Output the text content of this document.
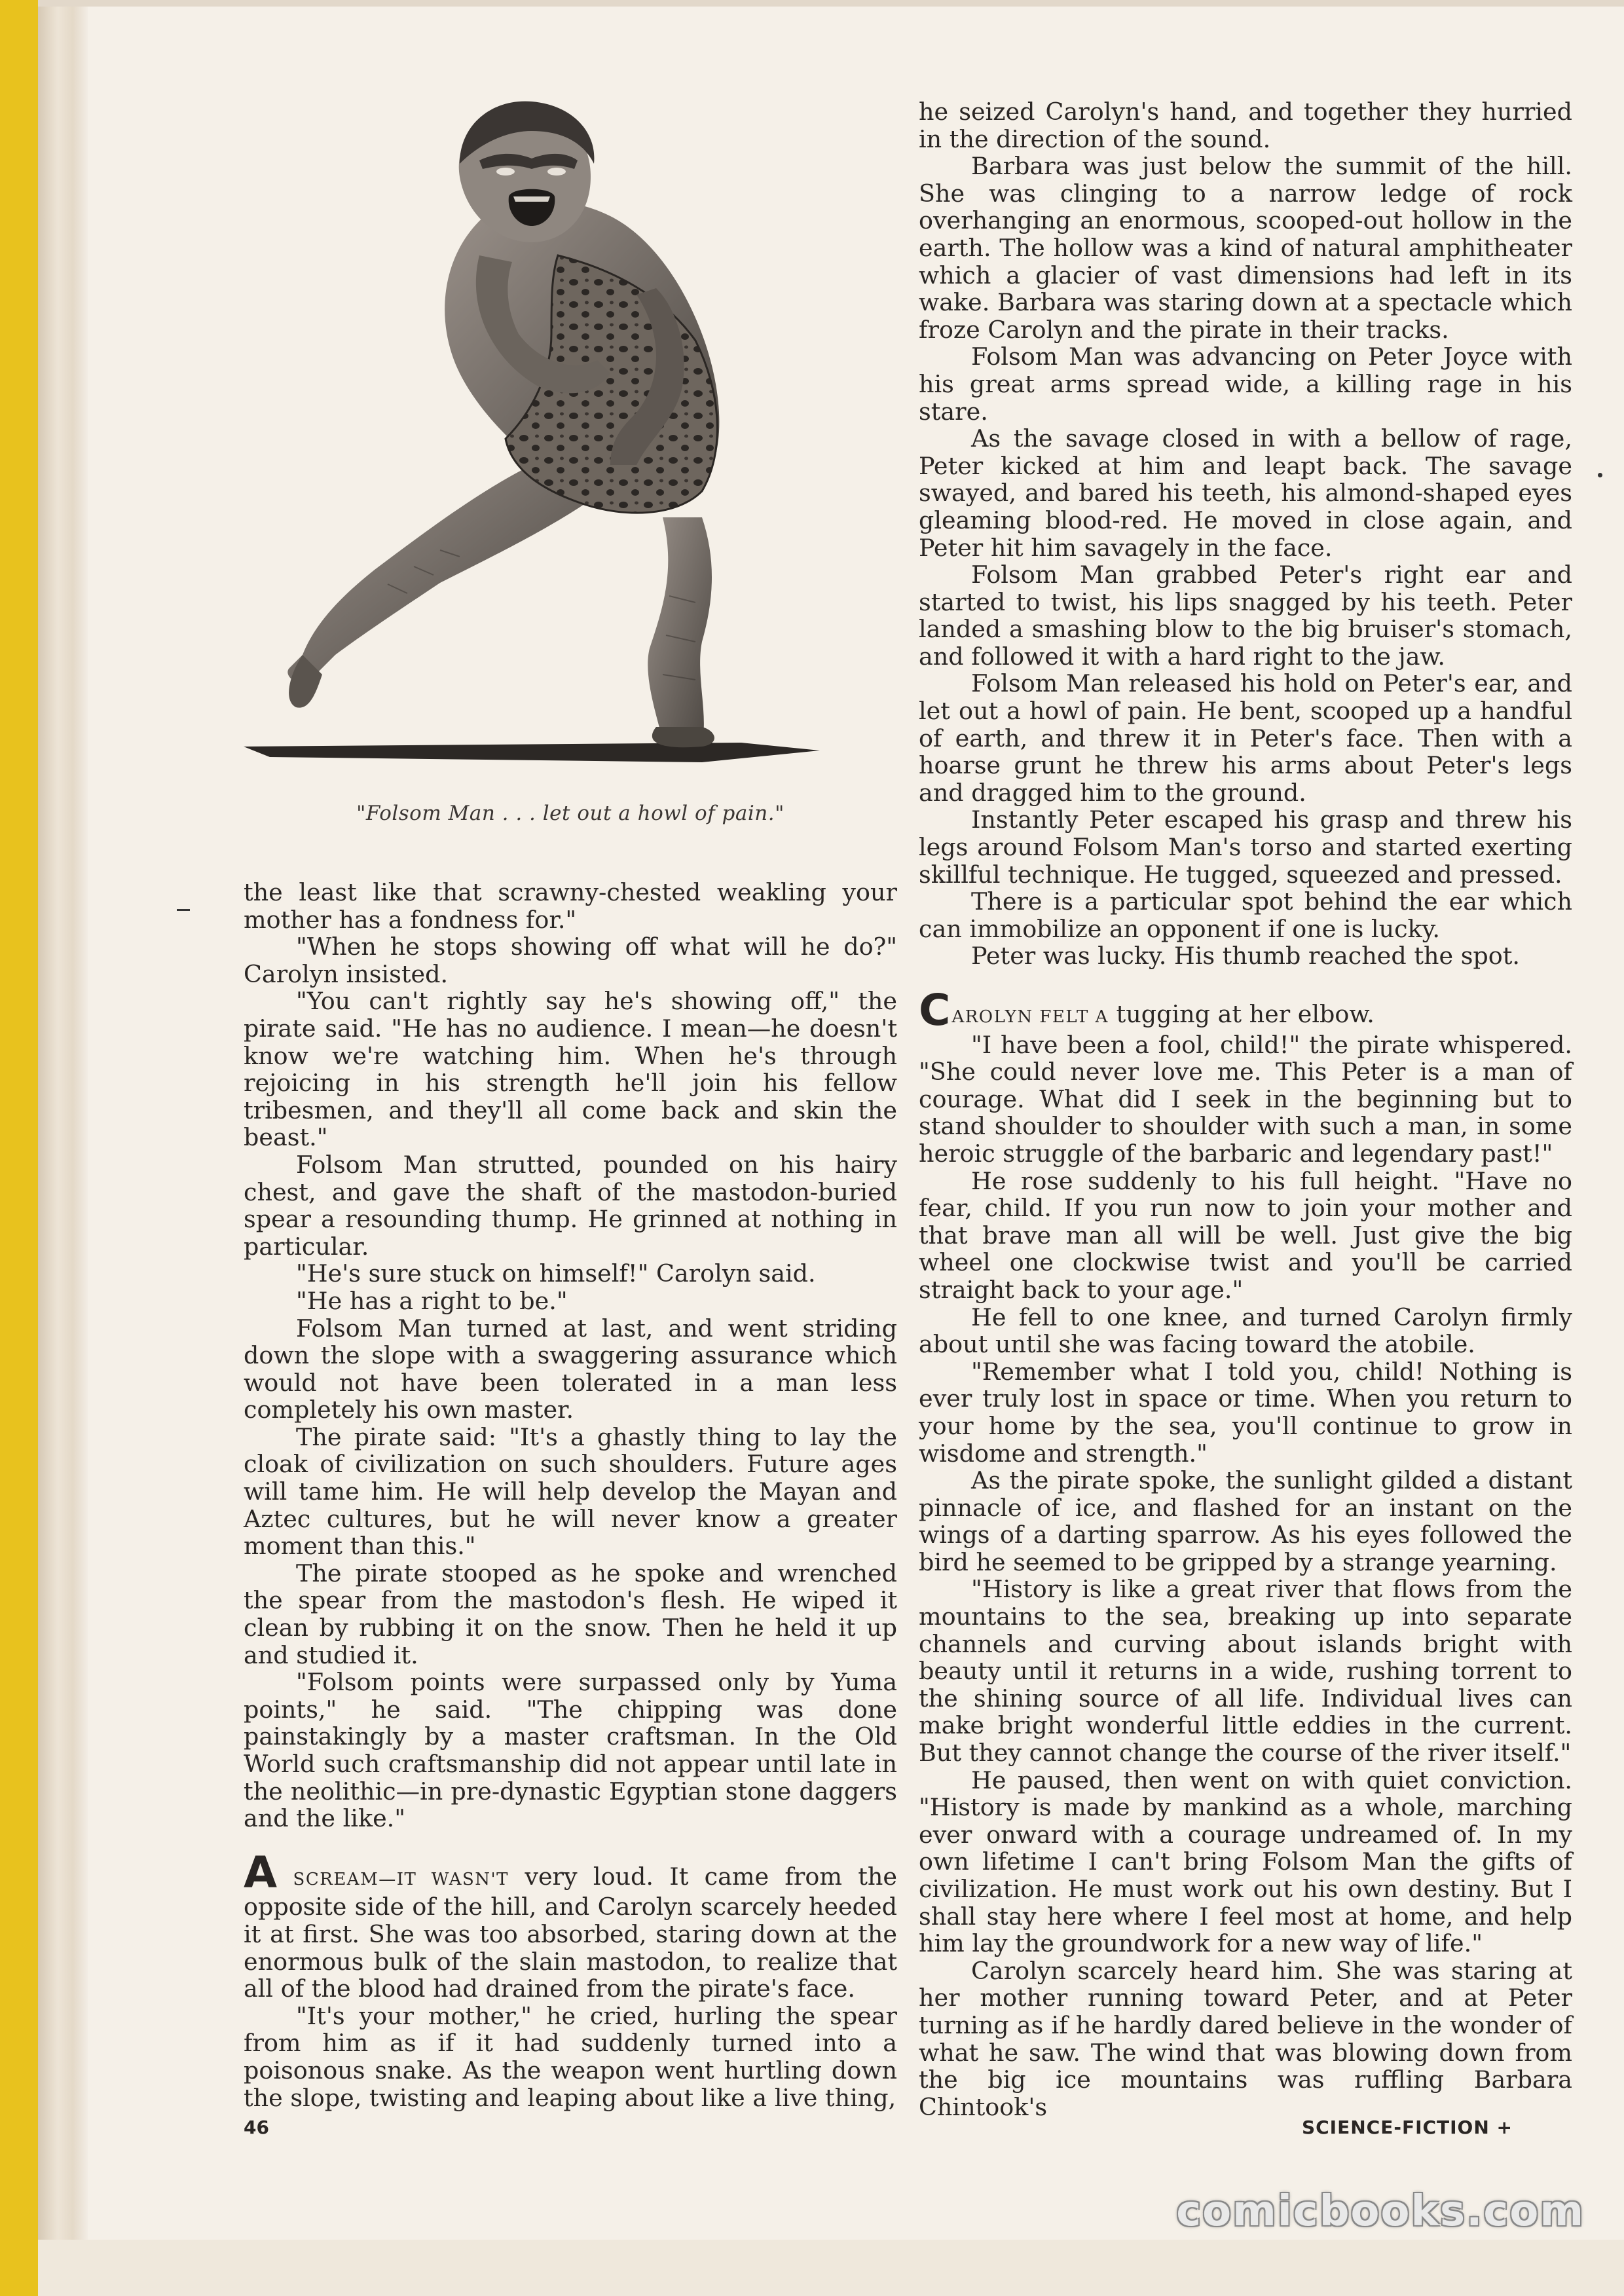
"Folsom Man . . . let out a howl of pain."

the least like that scrawny-chested weakling your mother has a fondness for."

"When he stops showing off what will he do?" Carolyn insisted.

"You can't rightly say he's showing off," the pirate said. "He has no audience. I mean—he doesn't know we're watching him. When he's through rejoicing in his strength he'll join his fellow tribesmen, and they'll all come back and skin the beast."

Folsom Man strutted, pounded on his hairy chest, and gave the shaft of the mastodon-buried spear a resounding thump. He grinned at nothing in particular.

"He's sure stuck on himself!" Carolyn said.

"He has a right to be."

Folsom Man turned at last, and went striding down the slope with a swaggering assurance which would not have been tolerated in a man less completely his own master.

The pirate said: "It's a ghastly thing to lay the cloak of civilization on such shoulders. Future ages will tame him. He will help develop the Mayan and Aztec cultures, but he will never know a greater moment than this."

The pirate stooped as he spoke and wrenched the spear from the mastodon's flesh. He wiped it clean by rubbing it on the snow. Then he held it up and studied it.

"Folsom points were surpassed only by Yuma points," he said. "The chipping was done painstakingly by a master craftsman. In the Old World such craftsmanship did not appear until late in the neolithic—in pre-dynastic Egyptian stone daggers and the like."

A SCREAM—IT WASN'T very loud. It came from the opposite side of the hill, and Carolyn scarcely heeded it at first. She was too absorbed, staring down at the enormous bulk of the slain mastodon, to realize that all of the blood had drained from the pirate's face.

"It's your mother," he cried, hurling the spear from him as if it had suddenly turned into a poisonous snake. As the weapon went hurtling down the slope, twisting and leaping about like a live thing,

he seized Carolyn's hand, and together they hurried in the direction of the sound.

Barbara was just below the summit of the hill. She was clinging to a narrow ledge of rock overhanging an enormous, scooped-out hollow in the earth. The hollow was a kind of natural amphitheater which a glacier of vast dimensions had left in its wake. Barbara was staring down at a spectacle which froze Carolyn and the pirate in their tracks.

Folsom Man was advancing on Peter Joyce with his great arms spread wide, a killing rage in his stare.

As the savage closed in with a bellow of rage, Peter kicked at him and leapt back. The savage swayed, and bared his teeth, his almond-shaped eyes gleaming blood-red. He moved in close again, and Peter hit him savagely in the face.

Folsom Man grabbed Peter's right ear and started to twist, his lips snagged by his teeth. Peter landed a smashing blow to the big bruiser's stomach, and followed it with a hard right to the jaw.

Folsom Man released his hold on Peter's ear, and let out a howl of pain. He bent, scooped up a handful of earth, and threw it in Peter's face. Then with a hoarse grunt he threw his arms about Peter's legs and dragged him to the ground.

Instantly Peter escaped his grasp and threw his legs around Folsom Man's torso and started exerting skillful technique. He tugged, squeezed and pressed.

There is a particular spot behind the ear which can immobilize an opponent if one is lucky.

Peter was lucky. His thumb reached the spot.

CAROLYN FELT A tugging at her elbow.

"I have been a fool, child!" the pirate whispered. "She could never love me. This Peter is a man of courage. What did I seek in the beginning but to stand shoulder to shoulder with such a man, in some heroic struggle of the barbaric and legendary past!"

He rose suddenly to his full height. "Have no fear, child. If you run now to join your mother and that brave man all will be well. Just give the big wheel one clockwise twist and you'll be carried straight back to your age."

He fell to one knee, and turned Carolyn firmly about until she was facing toward the atobile.

"Remember what I told you, child! Nothing is ever truly lost in space or time. When you return to your home by the sea, you'll continue to grow in wisdome and strength."

As the pirate spoke, the sunlight gilded a distant pinnacle of ice, and flashed for an instant on the wings of a darting sparrow. As his eyes followed the bird he seemed to be gripped by a strange yearning.

"History is like a great river that flows from the mountains to the sea, breaking up into separate channels and curving about islands bright with beauty until it returns in a wide, rushing torrent to the shining source of all life. Individual lives can make bright wonderful little eddies in the current. But they cannot change the course of the river itself."

He paused, then went on with quiet conviction. "History is made by mankind as a whole, marching ever onward with a courage undreamed of. In my own lifetime I can't bring Folsom Man the gifts of civilization. He must work out his own destiny. But I shall stay here where I feel most at home, and help him lay the groundwork for a new way of life."

Carolyn scarcely heard him. She was staring at her mother running toward Peter, and at Peter turning as if he hardly dared believe in the wonder of what he saw. The wind that was blowing down from the big ice mountains was ruffling Barbara Chintook's

46	SCIENCE-FICTION +
comicbooks.com
